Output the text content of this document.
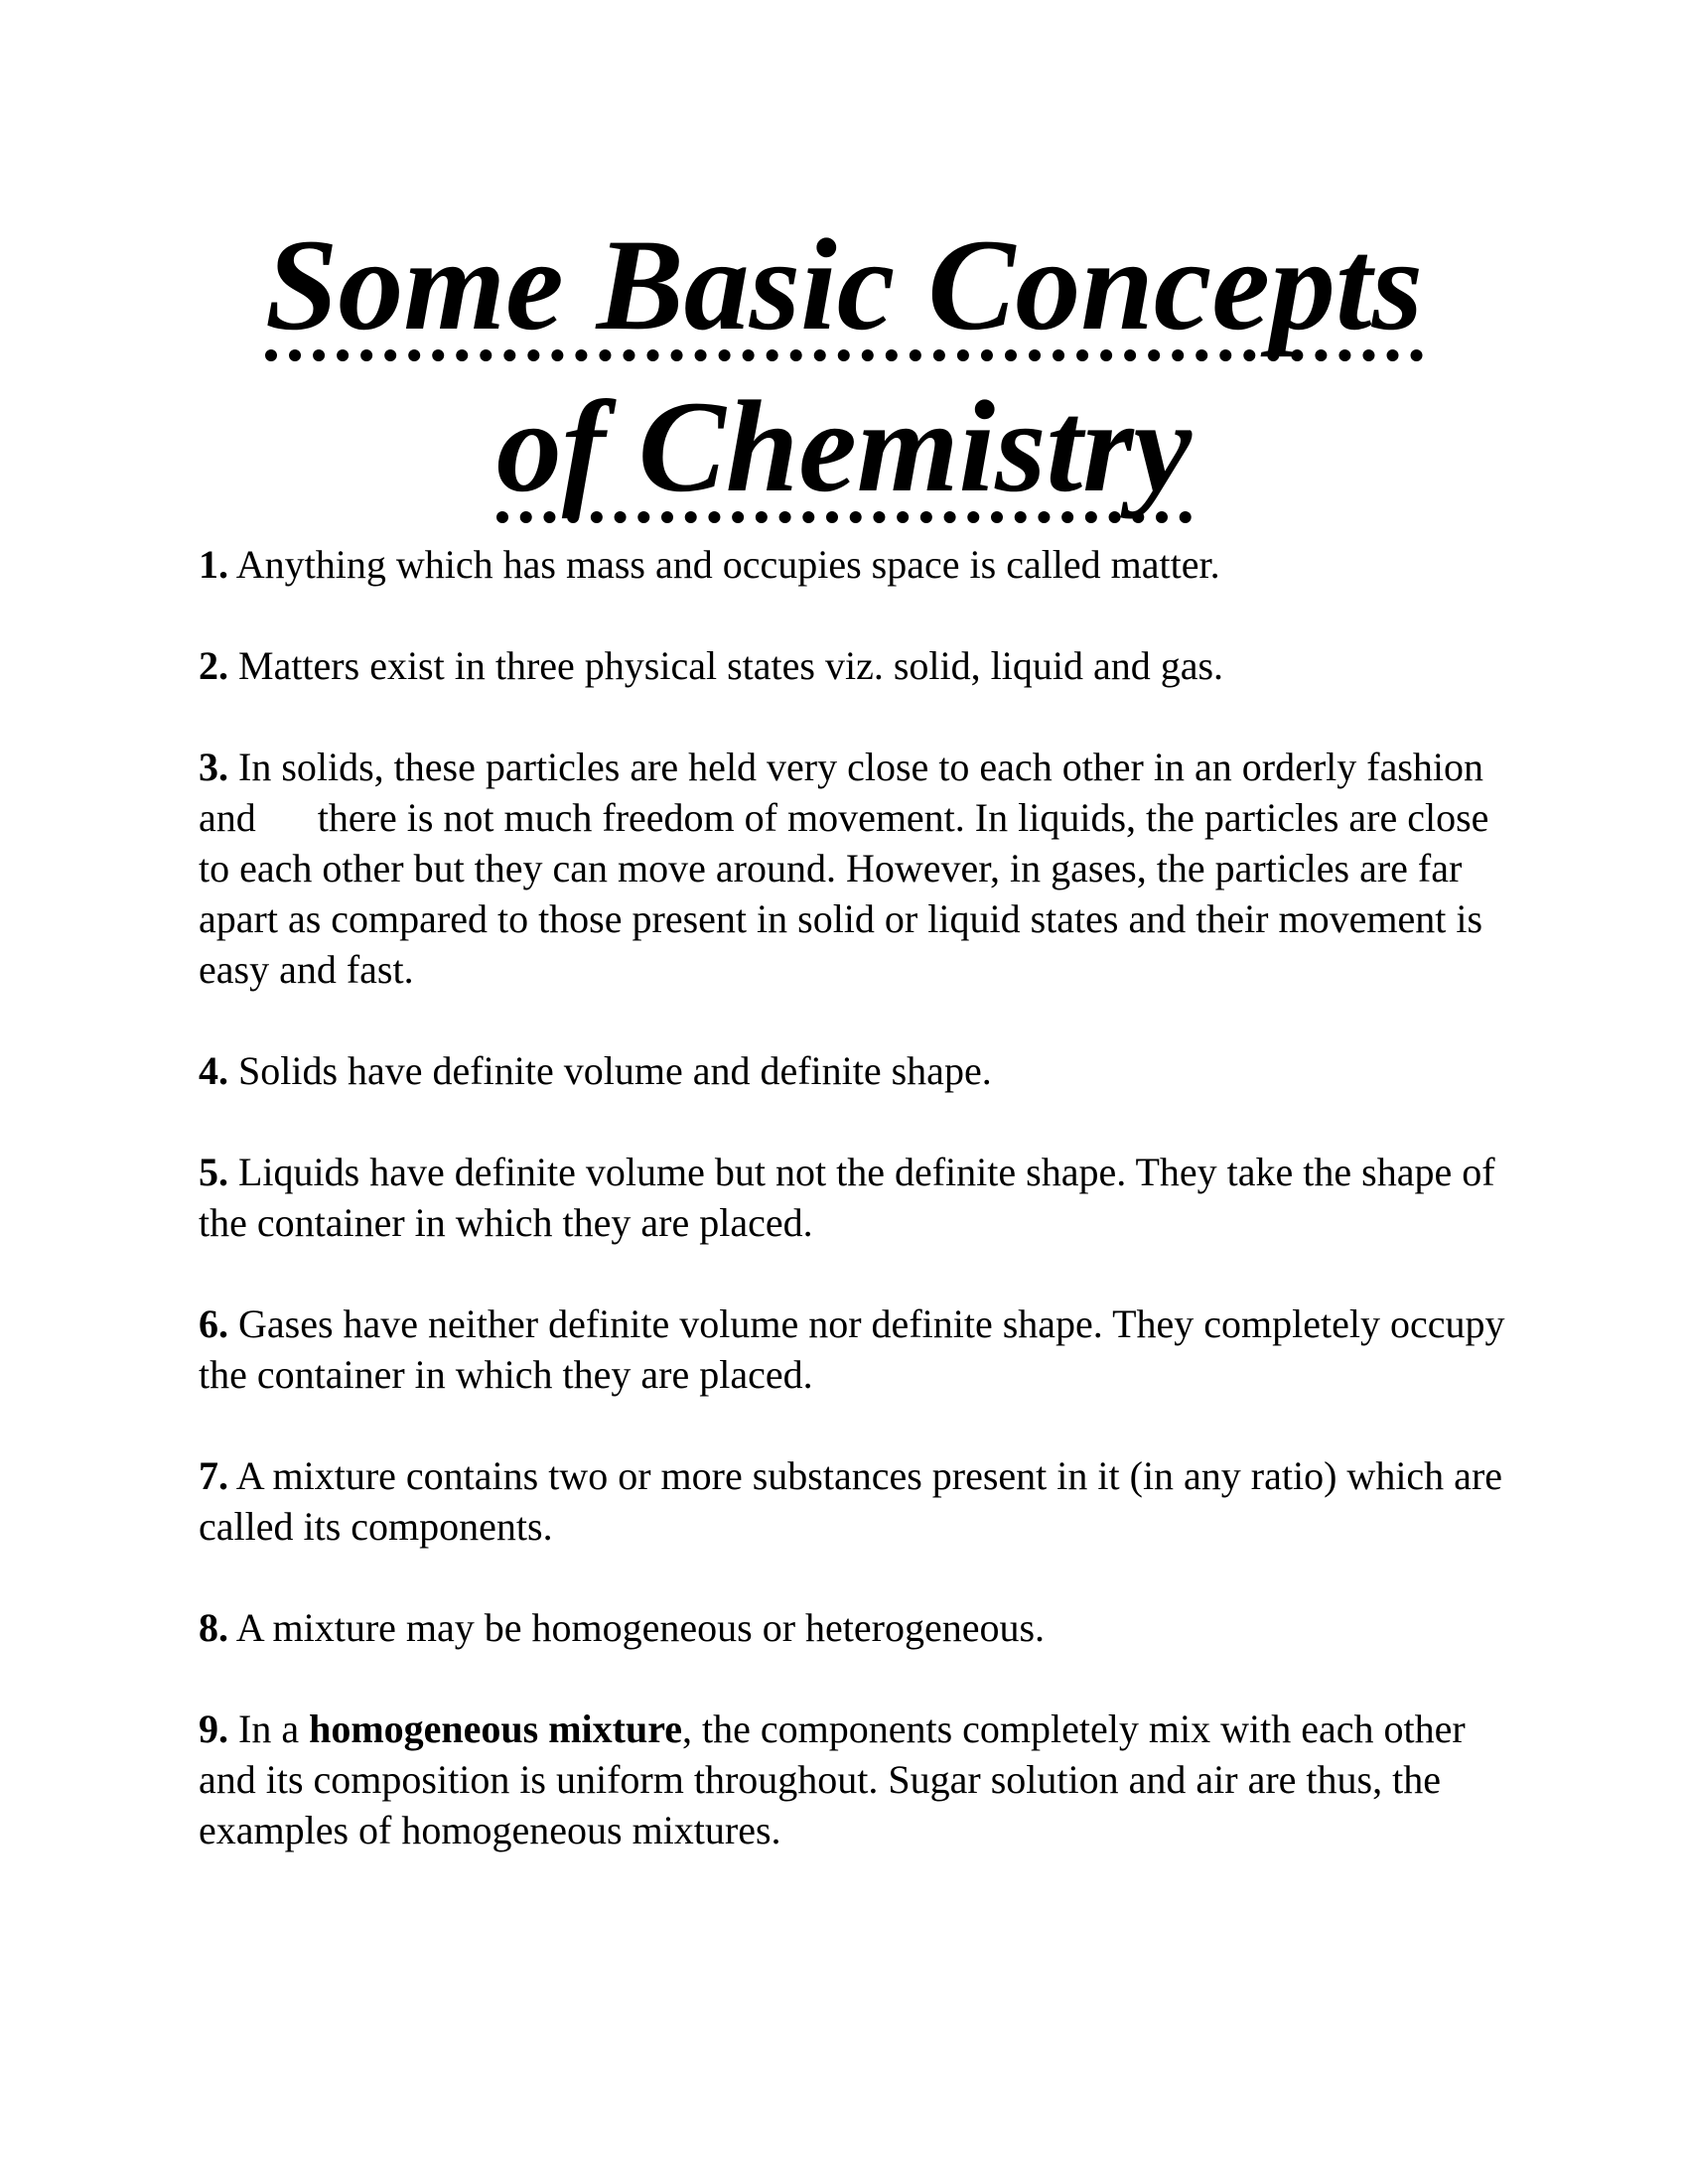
Some Basic Concepts
of Chemistry

1. Anything which has mass and occupies space is called matter.

2. Matters exist in three physical states viz. solid, liquid and gas.

3. In solids, these particles are held very close to each other in an orderly fashion and there is not much freedom of movement. In liquids, the particles are close to each other but they can move around. However, in gases, the particles are far apart as compared to those present in solid or liquid states and their movement is easy and fast.

4. Solids have definite volume and definite shape.

5. Liquids have definite volume but not the definite shape. They take the shape of the container in which they are placed.

6. Gases have neither definite volume nor definite shape. They completely occupy the container in which they are placed.

7. A mixture contains two or more substances present in it (in any ratio) which are called its components.

8. A mixture may be homogeneous or heterogeneous.

9. In a homogeneous mixture, the components completely mix with each other and its composition is uniform throughout. Sugar solution and air are thus, the examples of homogeneous mixtures.
